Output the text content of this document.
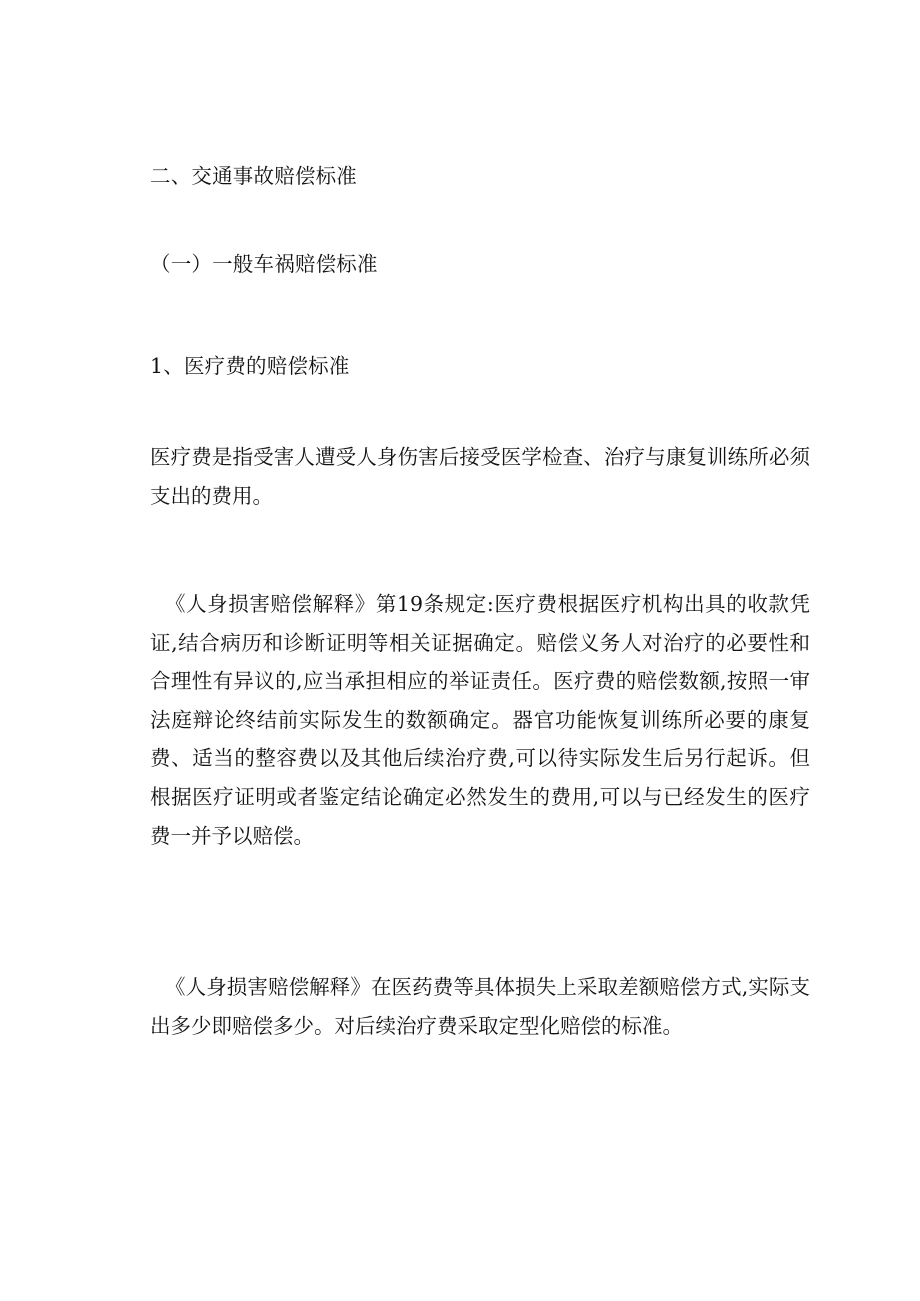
二、交通事故赔偿标准
（一）一般车祸赔偿标准
1、医疗费的赔偿标准
医疗费是指受害人遭受人身伤害后接受医学检查、治疗与康复训练所必须支出的费用。
《人身损害赔偿解释》第19条规定:医疗费根据医疗机构出具的收款凭证,结合病历和诊断证明等相关证据确定。赔偿义务人对治疗的必要性和合理性有异议的,应当承担相应的举证责任。医疗费的赔偿数额,按照一审法庭辩论终结前实际发生的数额确定。器官功能恢复训练所必要的康复费、适当的整容费以及其他后续治疗费,可以待实际发生后另行起诉。但根据医疗证明或者鉴定结论确定必然发生的费用,可以与已经发生的医疗费一并予以赔偿。
《人身损害赔偿解释》在医药费等具体损失上采取差额赔偿方式,实际支出多少即赔偿多少。对后续治疗费采取定型化赔偿的标准。
